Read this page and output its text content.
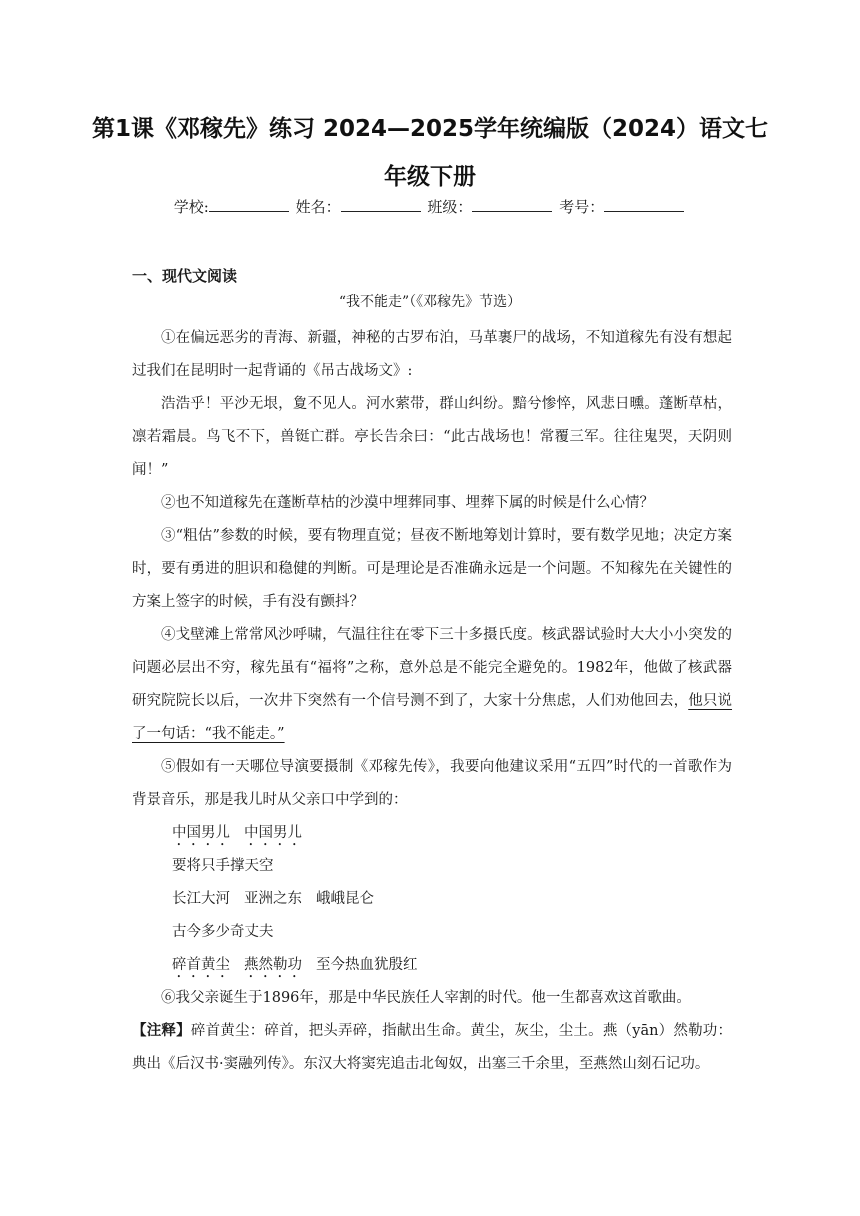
第1课《邓稼先》练习 2024—2025学年统编版（2024）语文七
年级下册
学校:	姓名：	班级：	考号：
一、现代文阅读
“我不能走”（《邓稼先》节选）

①在偏远恶劣的青海、新疆，神秘的古罗布泊，马革裹尸的战场，不知道稼先有没有想起过我们在昆明时一起背诵的《吊古战场文》:

浩浩乎！平沙无垠，夐不见人。河水萦带，群山纠纷。黯兮惨悴，风悲日曛。蓬断草枯，凛若霜晨。鸟飞不下，兽铤亡群。亭长告余曰：“此古战场也！常覆三军。往往鬼哭，天阴则闻！”

②也不知道稼先在蓬断草枯的沙漠中埋葬同事、埋葬下属的时候是什么心情？

③“粗估”参数的时候，要有物理直觉；昼夜不断地筹划计算时，要有数学见地；决定方案时，要有勇进的胆识和稳健的判断。可是理论是否准确永远是一个问题。不知稼先在关键性的方案上签字的时候，手有没有颤抖？

④戈壁滩上常常风沙呼啸，气温往往在零下三十多摄氏度。核武器试验时大大小小突发的问题必层出不穷，稼先虽有“福将”之称，意外总是不能完全避免的。1982年，他做了核武器研究院院长以后，一次井下突然有一个信号测不到了，大家十分焦虑，人们劝他回去，他只说了一句话：“我不能走。”

⑤假如有一天哪位导演要摄制《邓稼先传》，我要向他建议采用“五四”时代的一首歌作为背景音乐，那是我儿时从父亲口中学到的：

中国男儿 中国男儿

要将只手撑天空

长江大河 亚洲之东 峨峨昆仑

古今多少奇丈夫

碎首黄尘 燕然勒功 至今热血犹殷红

⑥我父亲诞生于1896年，那是中华民族任人宰割的时代。他一生都喜欢这首歌曲。

【注释】碎首黄尘：碎首，把头弄碎，指献出生命。黄尘，灰尘，尘土。燕（yān）然勒功：典出《后汉书·窦融列传》。东汉大将窦宪追击北匈奴，出塞三千余里，至燕然山刻石记功。
